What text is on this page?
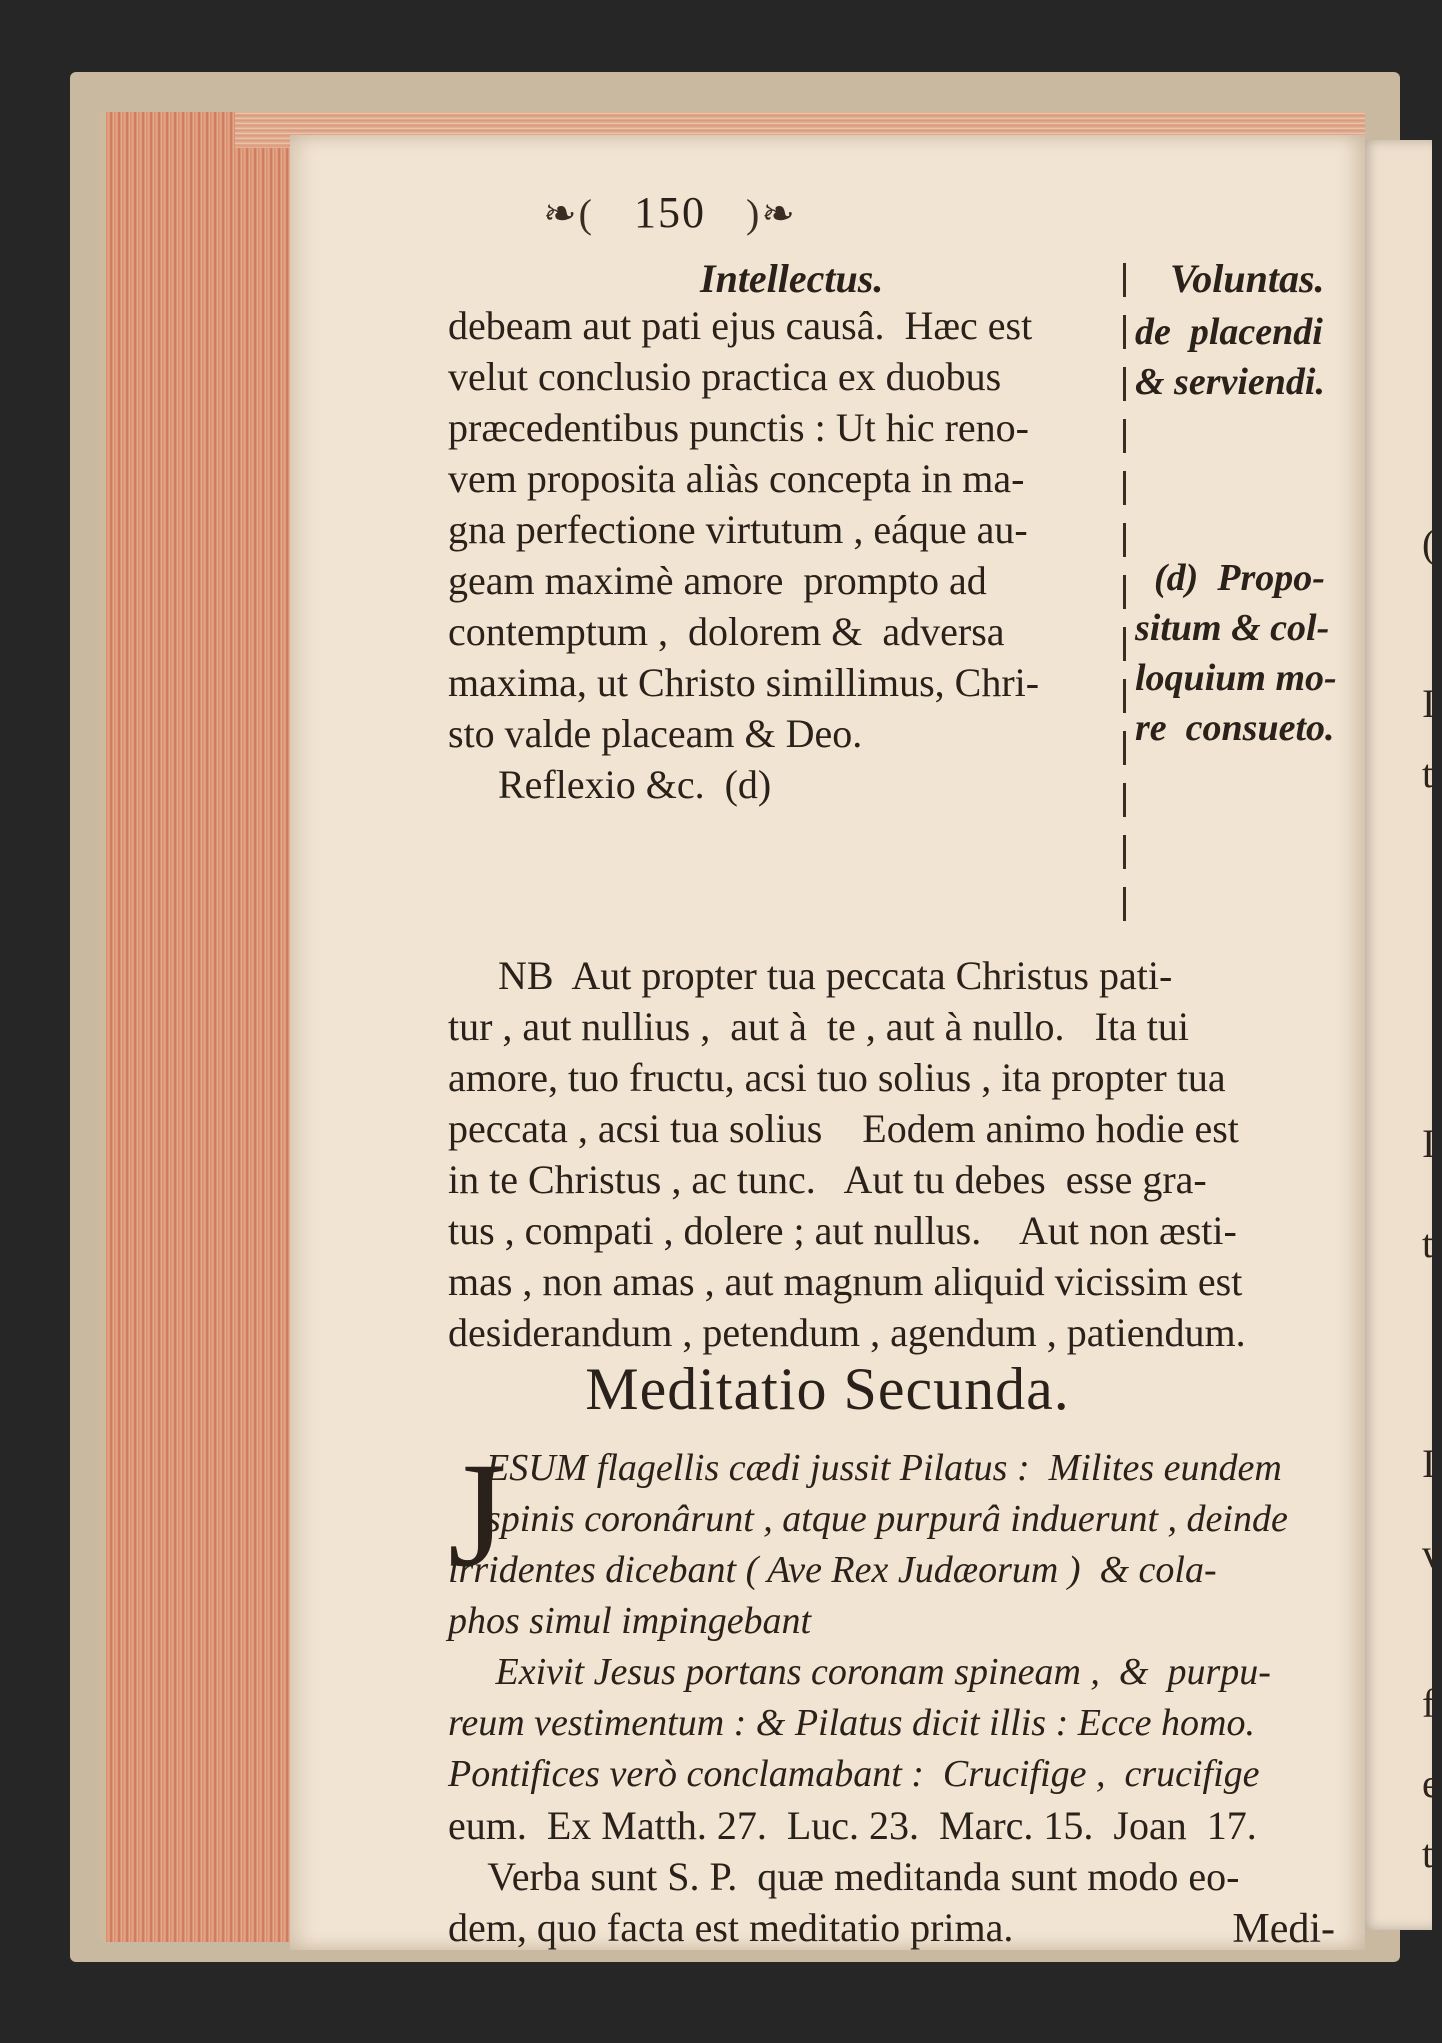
(
I
t
I
t
I
v
f
e
t
❧( 150 )❧
Intellectus.	Voluntas.
debeam aut pati ejus causâ.  Hæc est
velut conclusio practica ex duobus
præcedentibus punctis : Ut hic reno-
vem proposita aliàs concepta in ma-
gna perfectione virtutum , eáque au-
geam maximè amore  prompto ad
contemptum ,  dolorem &  adversa
maxima, ut Christo simillimus, Chri-
sto valde placeam & Deo.
Reflexio &c.  (d)
de  placendi
& serviendi.
(d)  Propo-
situm & col-
loquium mo-
re  consueto.
NB  Aut propter tua peccata Christus pati-
tur , aut nullius ,  aut à  te , aut à nullo.   Ita tui
amore, tuo fructu, acsi tuo solius , ita propter tua
peccata , acsi tua solius    Eodem animo hodie est
in te Christus , ac tunc.   Aut tu debes  esse gra-
tus , compati , dolere ; aut nullus.    Aut non æsti-
mas , non amas , aut magnum aliquid vicissim est
desiderandum , petendum , agendum , patiendum.
Meditatio Secunda.
J
ESUM flagellis cædi jussit Pilatus :  Milites eundem
spinis coronârunt , atque purpurâ induerunt , deinde
irridentes dicebant ( Ave Rex Judæorum )  & cola-
phos simul impingebant
Exivit Jesus portans coronam spineam ,  &  purpu-
reum vestimentum : & Pilatus dicit illis : Ecce homo.
Pontifices verò conclamabant :  Crucifige ,  crucifige
eum.  Ex Matth. 27.  Luc. 23.  Marc. 15.  Joan  17.
Verba sunt S. P.  quæ meditanda sunt modo eo-
dem, quo facta est meditatio prima.	Medi-
